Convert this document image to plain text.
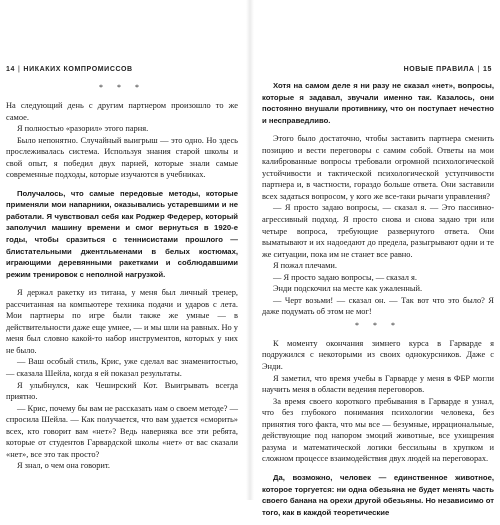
14 | НИКАКИХ КОМПРОМИССОВ
* * *

На следующий день с другим партнером произошло то же самое.

Я полностью «разорил» этого парня.

Было непонятно. Случайный выигрыш — это одно. Но здесь прослеживалась система. Используя знания старой школы и свой опыт, я победил двух парней, которые знали самые современные подходы, которые изучаются в учебниках.

Получалось, что самые передовые методы, которые применяли мои напарники, оказывались устаревшими и не работали. Я чувствовал себя как Роджер Федерер, который заполучил машину времени и смог вернуться в 1920-е годы, чтобы сразиться с теннисистами прошлого — блистательными джентльменами в белых костюмах, играющими деревянными ракетками и соблюдавшими режим тренировок с неполной нагрузкой.

Я держал ракетку из титана, у меня был личный тренер, рассчитанная на компьютере техника подачи и ударов с лета. Мои партнеры по игре были также же умные — в действительности даже еще умнее, — и мы шли на равных. Но у меня был словно какой-то набор инструментов, которых у них не было.

— Ваш особый стиль, Крис, уже сделал вас знаменитостью, — сказала Шейла, когда я ей показал результаты.

Я улыбнулся, как Чеширский Кот. Выигрывать всегда приятно.

— Крис, почему бы вам не рассказать нам о своем методе? — спросила Шейла. — Как получается, что вам удается «сморить» всех, кто говорит вам «нет»? Ведь наверняка все эти ребята, которые от студентов Гарвардской школы «нет» от вас сказали «нет», все это так просто?

Я знал, о чем она говорит.

НОВЫЕ ПРАВИЛА | 15

Хотя на самом деле я ни разу не сказал «нет», вопросы, которые я задавал, звучали именно так. Казалось, они постоянно внушали противнику, что он поступает нечестно и несправедливо.

Этого было достаточно, чтобы заставить партнера сменить позицию и вести переговоры с самим собой. Ответы на мои калиброванные вопросы требовали огромной психологической устойчивости и тактической психологической уступчивости партнера и, в частности, гораздо больше ответа. Они заставили всех задаться вопросом, у кого же все-таки рычаги управления?

— Я просто задаю вопросы, — сказал я. — Это пассивно-агрессивный подход. Я просто снова и снова задаю три или четыре вопроса, требующие развернутого ответа. Они выматывают и их надоедают до предела, разыгрывают одни и те же ситуации, пока им не станет все равно.

Я пожал плечами.

— Я просто задаю вопросы, — сказал я.

Энди подскочил на месте как ужаленный.

— Черт возьми! — сказал он. — Так вот что это было? Я даже подумать об этом не мог!

* * *

К моменту окончания зимнего курса в Гарварде я подружился с некоторыми из своих однокурсников. Даже с Энди.

Я заметил, что время учебы в Гарварде у меня в ФБР могли научить меня в области ведения переговоров.

За время своего короткого пребывания в Гарварде я узнал, что без глубокого понимания психологии человека, без принятия того факта, что мы все — безумные, иррациональные, действующие под напором эмоций животные, все ухищрения разума и математической логики бессильны в хрупком и сложном процессе взаимодействия двух людей на переговорах.

Да, возможно, человек — единственное животное, которое торгуется: ни одна обезьяна не будет менять часть своего банана на орехи другой обезьяны. Но независимо от того, как в каждой теоретические
